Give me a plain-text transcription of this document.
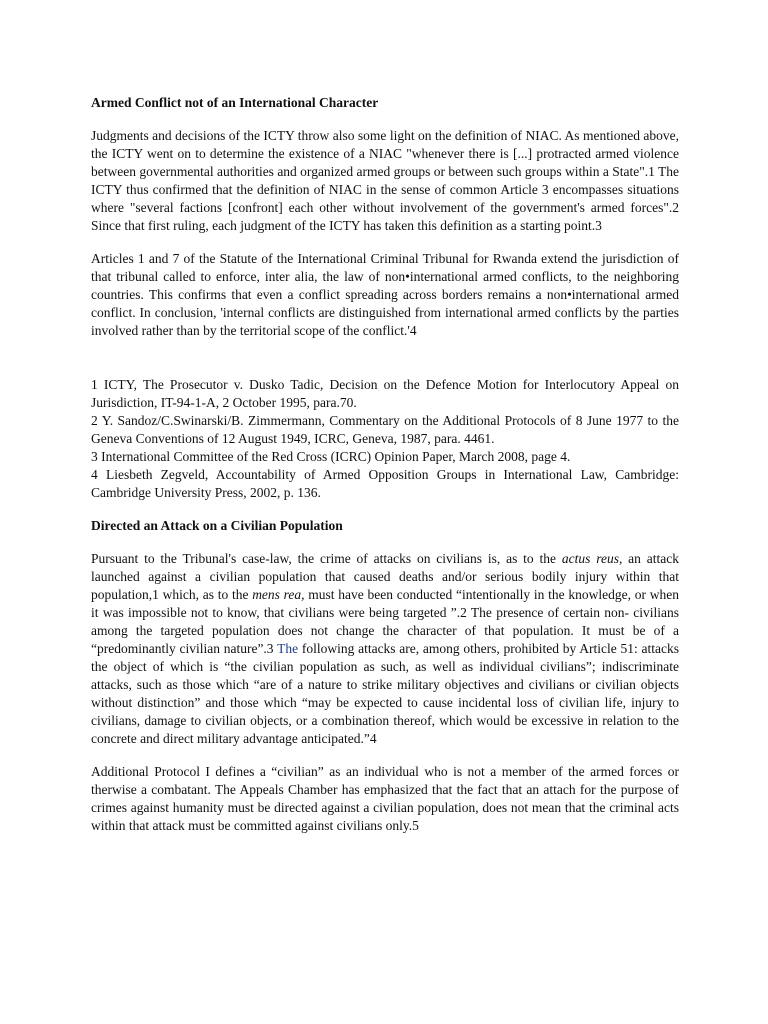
Armed Conflict not of an International Character

Judgments and decisions of the ICTY throw also some light on the definition of NIAC. As mentioned above, the ICTY went on to determine the existence of a NIAC "whenever there is [...] protracted armed violence between governmental authorities and organized armed groups or between such groups within a State".1 The ICTY thus confirmed that the definition of NIAC in the sense of common Article 3 encompasses situations where "several factions [confront] each other without involvement of the government's armed forces".2 Since that first ruling, each judgment of the ICTY has taken this definition as a starting point.3

Articles 1 and 7 of the Statute of the International Criminal Tribunal for Rwanda extend the jurisdiction of that tribunal called to enforce, inter alia, the law of non•international armed conflicts, to the neighboring countries. This confirms that even a conflict spreading across borders remains a non•international armed conflict. In conclusion, 'internal conflicts are distinguished from international armed conflicts by the parties involved rather than by the territorial scope of the conflict.'4

1 ICTY, The Prosecutor v. Dusko Tadic, Decision on the Defence Motion for Interlocutory Appeal on Jurisdiction, IT-94-1-A, 2 October 1995, para.70.

2 Y. Sandoz/C.Swinarski/B. Zimmermann, Commentary on the Additional Protocols of 8 June 1977 to the Geneva Conventions of 12 August 1949, ICRC, Geneva, 1987, para. 4461.

3 International Committee of the Red Cross (ICRC) Opinion Paper, March 2008, page 4.

4 Liesbeth Zegveld, Accountability of Armed Opposition Groups in International Law, Cambridge: Cambridge University Press, 2002, p. 136.

Directed an Attack on a Civilian Population

Pursuant to the Tribunal's case-law, the crime of attacks on civilians is, as to the actus reus, an attack launched against a civilian population that caused deaths and/or serious bodily injury within that population,1 which, as to the mens rea, must have been conducted “intentionally in the knowledge, or when it was impossible not to know, that civilians were being targeted ”.2 The presence of certain non- civilians among the targeted population does not change the character of that population. It must be of a “predominantly civilian nature”.3 The following attacks are, among others, prohibited by Article 51: attacks the object of which is “the civilian population as such, as well as individual civilians”; indiscriminate attacks, such as those which “are of a nature to strike military objectives and civilians or civilian objects without distinction” and those which “may be expected to cause incidental loss of civilian life, injury to civilians, damage to civilian objects, or a combination thereof, which would be excessive in relation to the concrete and direct military advantage anticipated.”4

Additional Protocol I defines a “civilian” as an individual who is not a member of the armed forces or therwise a combatant. The Appeals Chamber has emphasized that the fact that an attach for the purpose of crimes against humanity must be directed against a civilian population, does not mean that the criminal acts within that attack must be committed against civilians only.5
